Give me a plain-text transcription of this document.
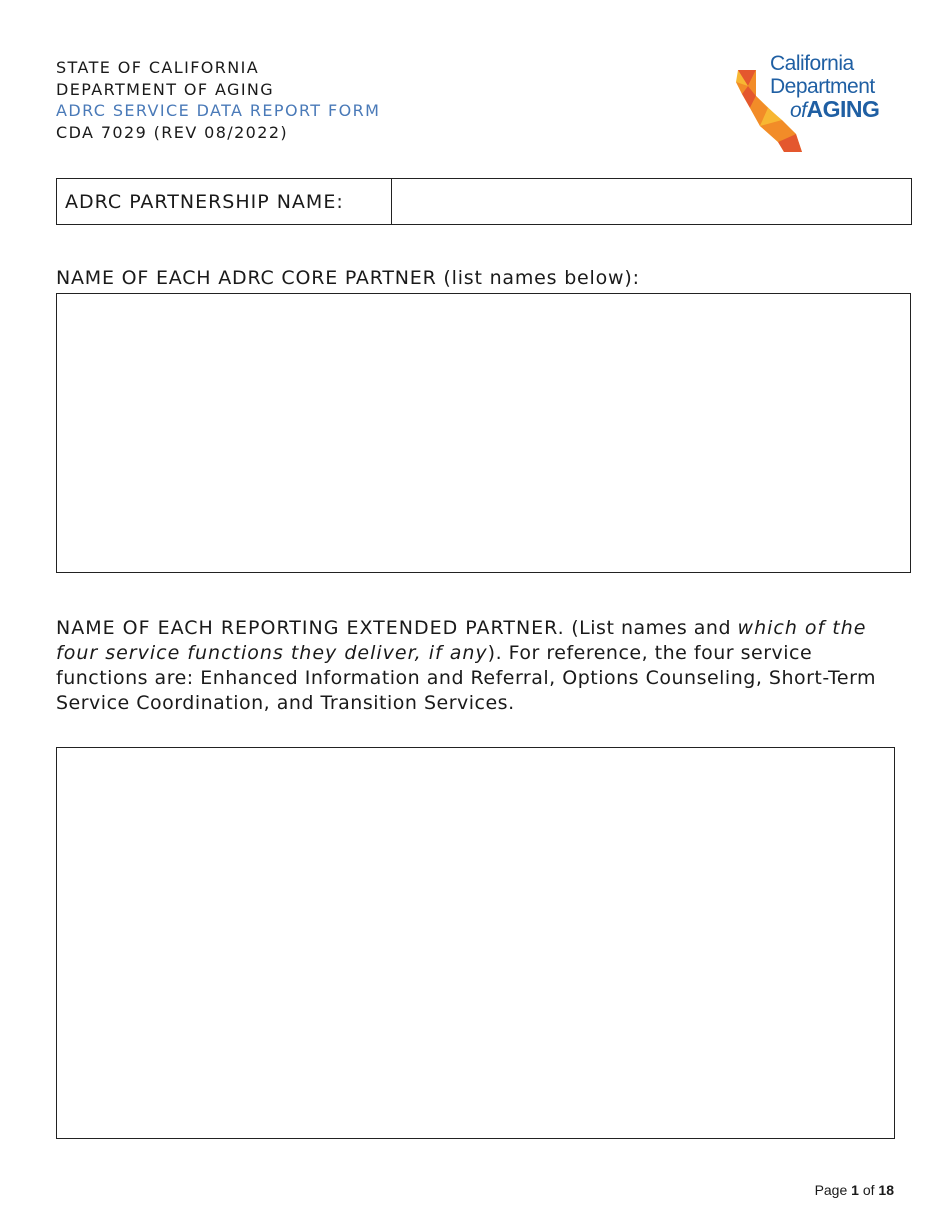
STATE OF CALIFORNIA
DEPARTMENT OF AGING
ADRC SERVICE DATA REPORT FORM
CDA 7029 (REV 08/2022)
California
Department
ofAGING
ADRC PARTNERSHIP NAME:
NAME OF EACH ADRC CORE PARTNER (list names below):
NAME OF EACH REPORTING EXTENDED PARTNER. (List names and which of the four service functions they deliver, if any). For reference, the four service functions are: Enhanced Information and Referral, Options Counseling, Short-Term Service Coordination, and Transition Services.
Page 1 of 18
